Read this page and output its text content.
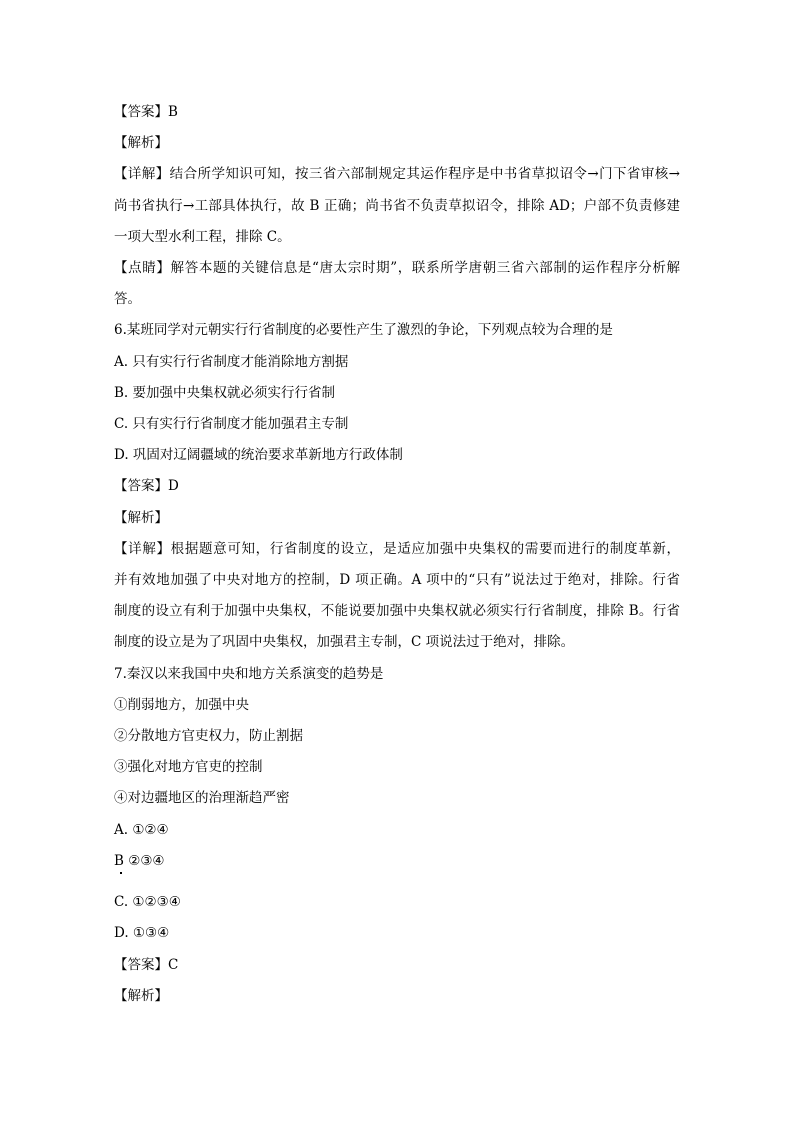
【答案】B
【解析】
【详解】结合所学知识可知，按三省六部制规定其运作程序是中书省草拟诏令→门下省审核→
尚书省执行→工部具体执行，故 B 正确；尚书省不负责草拟诏令，排除 AD；户部不负责修建
一项大型水利工程，排除 C。
【点睛】解答本题的关键信息是“唐太宗时期”，联系所学唐朝三省六部制的运作程序分析解
答。
6.某班同学对元朝实行行省制度的必要性产生了激烈的争论，下列观点较为合理的是
A. 只有实行行省制度才能消除地方割据
B. 要加强中央集权就必须实行行省制
C. 只有实行行省制度才能加强君主专制
D. 巩固对辽阔疆域的统治要求革新地方行政体制
【答案】D
【解析】
【详解】根据题意可知，行省制度的设立，是适应加强中央集权的需要而进行的制度革新，
并有效地加强了中央对地方的控制，D 项正确。A 项中的“只有”说法过于绝对，排除。行省
制度的设立有利于加强中央集权，不能说要加强中央集权就必须实行行省制度，排除 B。行省
制度的设立是为了巩固中央集权，加强君主专制，C 项说法过于绝对，排除。
7.秦汉以来我国中央和地方关系演变的趋势是
①削弱地方，加强中央
②分散地方官吏权力，防止割据
③强化对地方官吏的控制
④对边疆地区的治理渐趋严密
A. ①②④
B ②③④
C. ①②③④
D. ①③④
【答案】C
【解析】
